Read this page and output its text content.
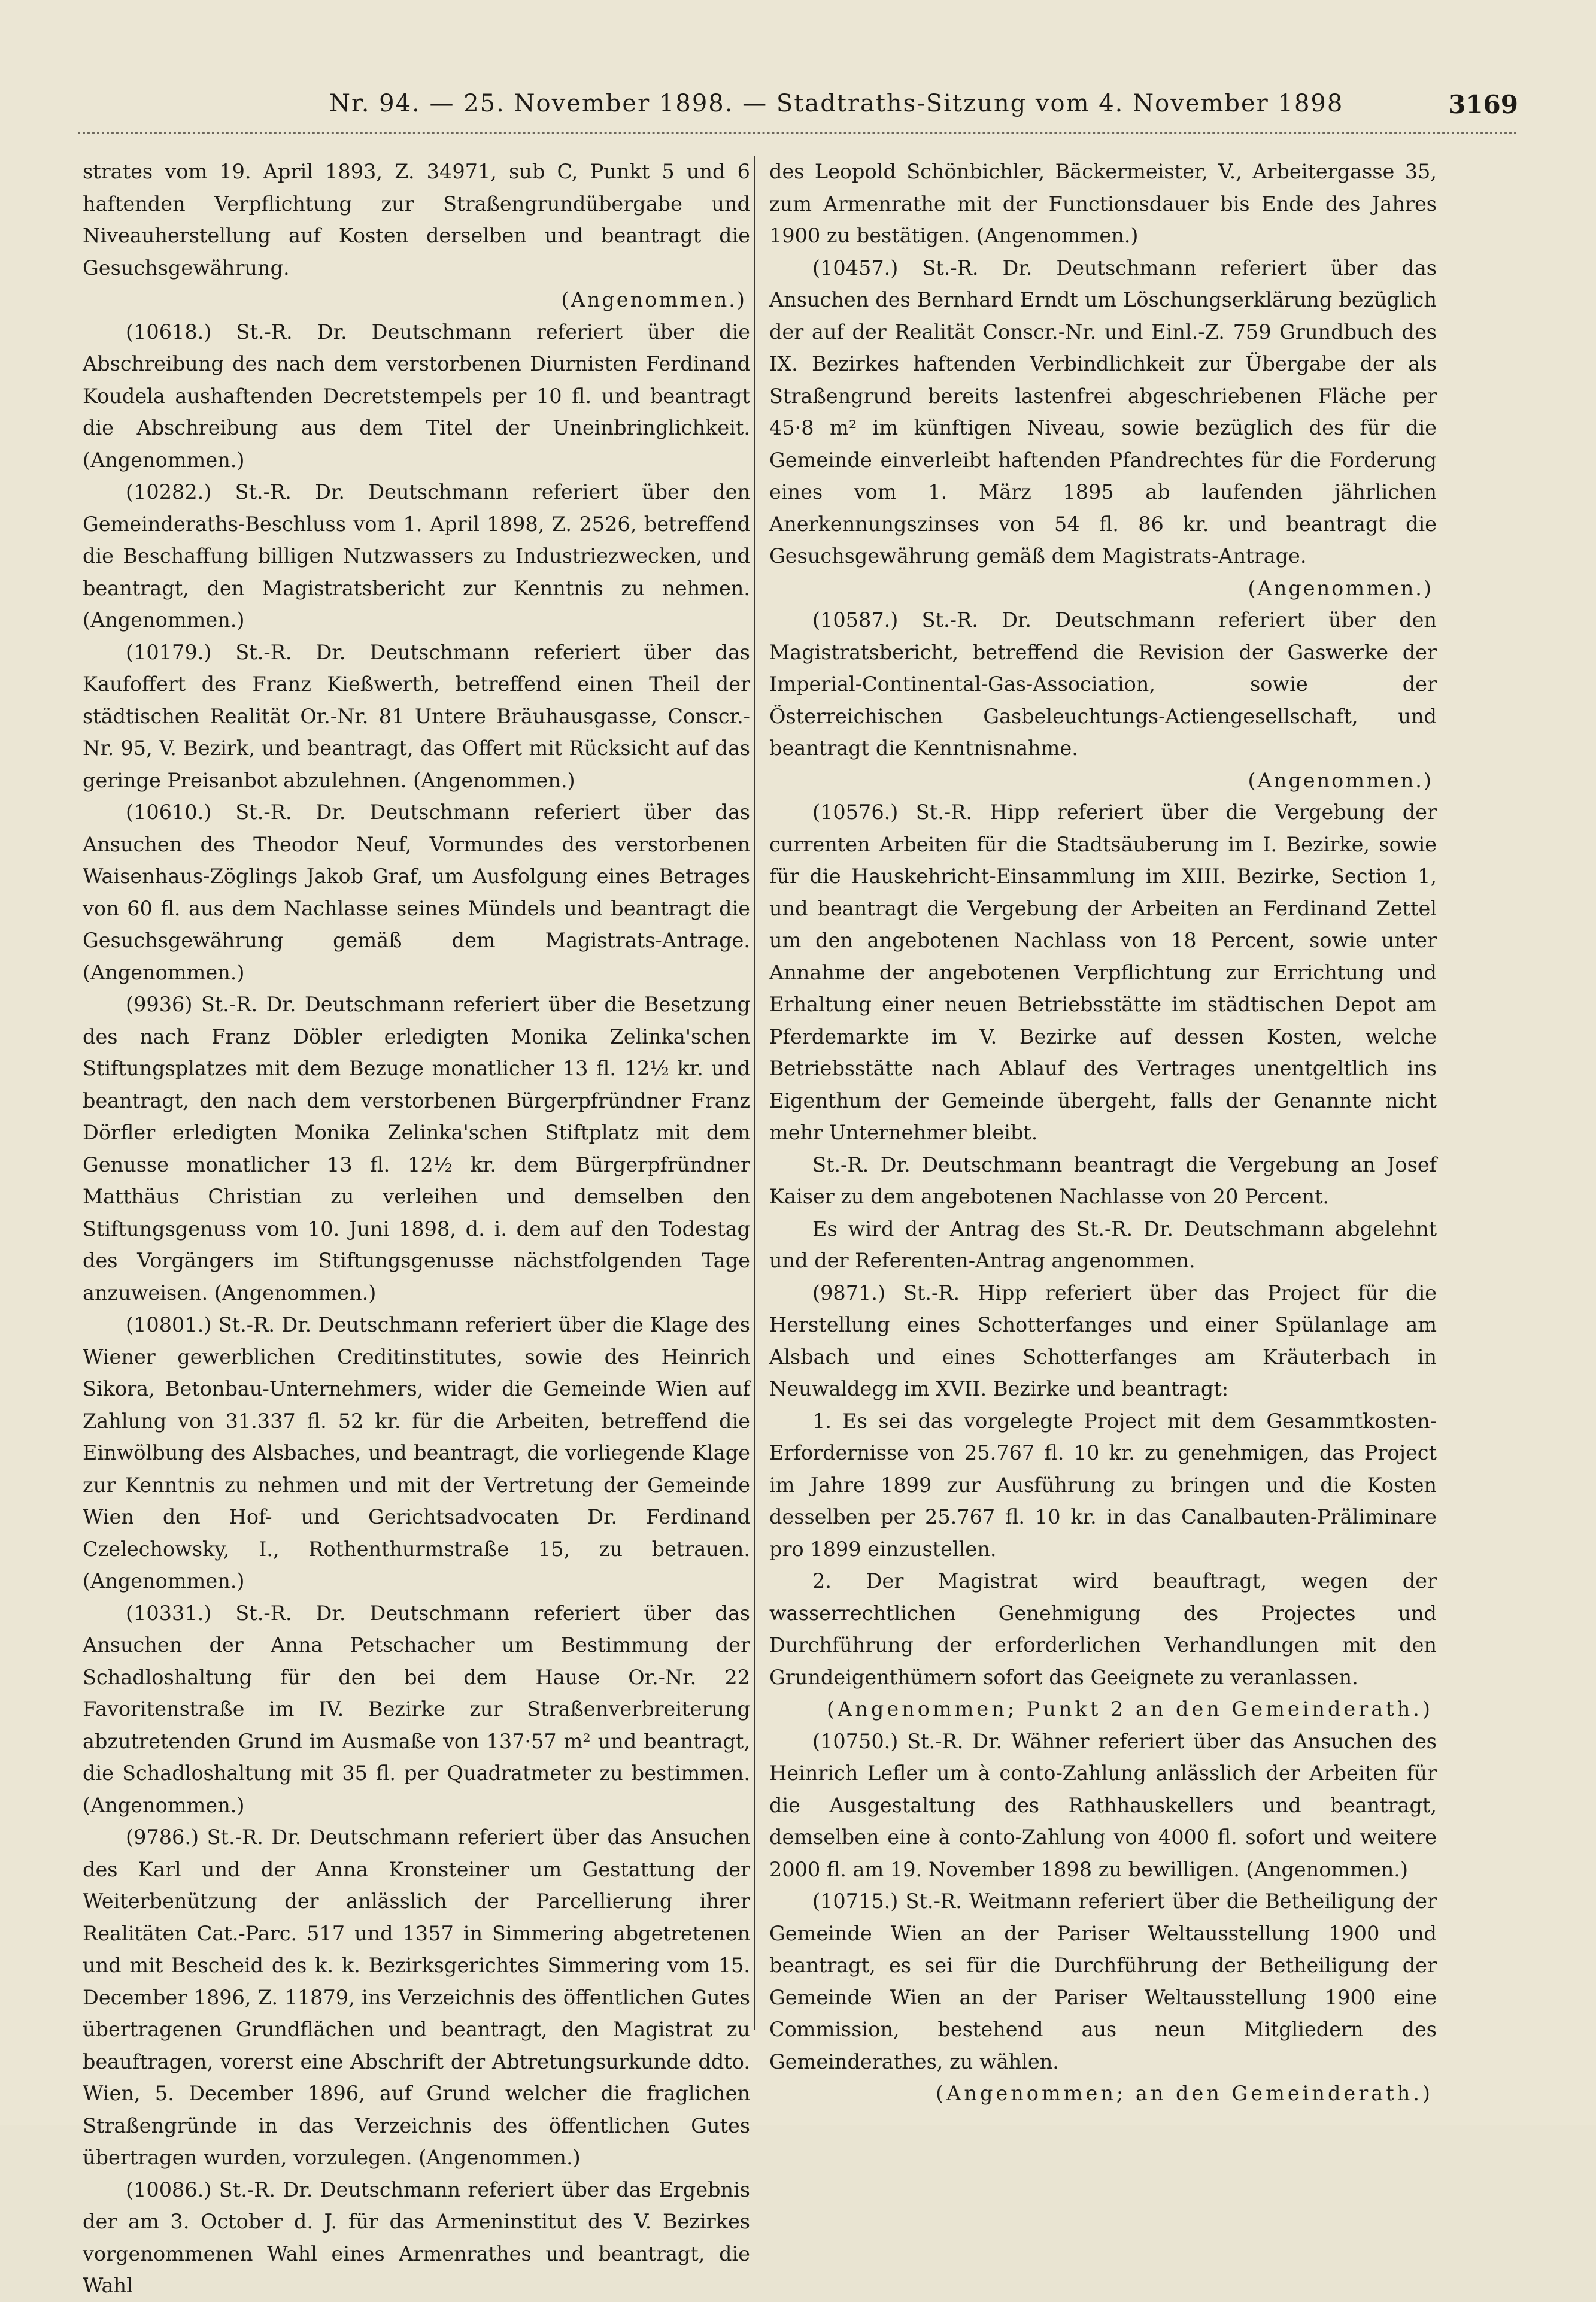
Nr. 94. — 25. November 1898. — Stadtraths-Sitzung vom 4. November 1898	3169

strates vom 19. April 1893, Z. 34971, sub C, Punkt 5 und 6 haftenden Verpflichtung zur Straßengrundübergabe und Niveauherstellung auf Kosten derselben und beantragt die Gesuchsgewährung.

(Angenommen.)

(10618.) St.-R. Dr. Deutschmann referiert über die Abschreibung des nach dem verstorbenen Diurnisten Ferdinand Koudela aushaftenden Decretstempels per 10 fl. und beantragt die Abschreibung aus dem Titel der Uneinbringlichkeit. (Angenommen.)

(10282.) St.-R. Dr. Deutschmann referiert über den Gemeinderaths-Beschluss vom 1. April 1898, Z. 2526, betreffend die Beschaffung billigen Nutzwassers zu Industriezwecken, und beantragt, den Magistratsbericht zur Kenntnis zu nehmen. (Angenommen.)

(10179.) St.-R. Dr. Deutschmann referiert über das Kaufoffert des Franz Kießwerth, betreffend einen Theil der städtischen Realität Or.-Nr. 81 Untere Bräuhausgasse, Conscr.-Nr. 95, V. Bezirk, und beantragt, das Offert mit Rücksicht auf das geringe Preisanbot abzulehnen. (Angenommen.)

(10610.) St.-R. Dr. Deutschmann referiert über das Ansuchen des Theodor Neuf, Vormundes des verstorbenen Waisenhaus-Zöglings Jakob Graf, um Ausfolgung eines Betrages von 60 fl. aus dem Nachlasse seines Mündels und beantragt die Gesuchsgewährung gemäß dem Magistrats-Antrage. (Angenommen.)

(9936) St.-R. Dr. Deutschmann referiert über die Besetzung des nach Franz Döbler erledigten Monika Zelinka'schen Stiftungsplatzes mit dem Bezuge monatlicher 13 fl. 12½ kr. und beantragt, den nach dem verstorbenen Bürgerpfründner Franz Dörfler erledigten Monika Zelinka'schen Stiftplatz mit dem Genusse monatlicher 13 fl. 12½ kr. dem Bürgerpfründner Matthäus Christian zu verleihen und demselben den Stiftungsgenuss vom 10. Juni 1898, d. i. dem auf den Todestag des Vorgängers im Stiftungsgenusse nächstfolgenden Tage anzuweisen. (Angenommen.)

(10801.) St.-R. Dr. Deutschmann referiert über die Klage des Wiener gewerblichen Creditinstitutes, sowie des Heinrich Sikora, Betonbau-Unternehmers, wider die Gemeinde Wien auf Zahlung von 31.337 fl. 52 kr. für die Arbeiten, betreffend die Einwölbung des Alsbaches, und beantragt, die vorliegende Klage zur Kenntnis zu nehmen und mit der Vertretung der Gemeinde Wien den Hof- und Gerichtsadvocaten Dr. Ferdinand Czelechowsky, I., Rothenthurmstraße 15, zu betrauen. (Angenommen.)

(10331.) St.-R. Dr. Deutschmann referiert über das Ansuchen der Anna Petschacher um Bestimmung der Schadloshaltung für den bei dem Hause Or.-Nr. 22 Favoritenstraße im IV. Bezirke zur Straßenverbreiterung abzutretenden Grund im Ausmaße von 137·57 m² und beantragt, die Schadloshaltung mit 35 fl. per Quadratmeter zu bestimmen. (Angenommen.)

(9786.) St.-R. Dr. Deutschmann referiert über das Ansuchen des Karl und der Anna Kronsteiner um Gestattung der Weiterbenützung der anlässlich der Parcellierung ihrer Realitäten Cat.-Parc. 517 und 1357 in Simmering abgetretenen und mit Bescheid des k. k. Bezirksgerichtes Simmering vom 15. December 1896, Z. 11879, ins Verzeichnis des öffentlichen Gutes übertragenen Grundflächen und beantragt, den Magistrat zu beauftragen, vorerst eine Abschrift der Abtretungsurkunde ddto. Wien, 5. December 1896, auf Grund welcher die fraglichen Straßengründe in das Verzeichnis des öffentlichen Gutes übertragen wurden, vorzulegen. (Angenommen.)

(10086.) St.-R. Dr. Deutschmann referiert über das Ergebnis der am 3. October d. J. für das Armeninstitut des V. Bezirkes vorgenommenen Wahl eines Armenrathes und beantragt, die Wahl

des Leopold Schönbichler, Bäckermeister, V., Arbeitergasse 35, zum Armenrathe mit der Functionsdauer bis Ende des Jahres 1900 zu bestätigen. (Angenommen.)

(10457.) St.-R. Dr. Deutschmann referiert über das Ansuchen des Bernhard Erndt um Löschungserklärung bezüglich der auf der Realität Conscr.-Nr. und Einl.-Z. 759 Grundbuch des IX. Bezirkes haftenden Verbindlichkeit zur Übergabe der als Straßengrund bereits lastenfrei abgeschriebenen Fläche per 45·8 m² im künftigen Niveau, sowie bezüglich des für die Gemeinde einverleibt haftenden Pfandrechtes für die Forderung eines vom 1. März 1895 ab laufenden jährlichen Anerkennungszinses von 54 fl. 86 kr. und beantragt die Gesuchsgewährung gemäß dem Magistrats-Antrage.

(Angenommen.)

(10587.) St.-R. Dr. Deutschmann referiert über den Magistratsbericht, betreffend die Revision der Gaswerke der Imperial-Continental-Gas-Association, sowie der Österreichischen Gasbeleuchtungs-Actiengesellschaft, und beantragt die Kenntnisnahme.

(Angenommen.)

(10576.) St.-R. Hipp referiert über die Vergebung der currenten Arbeiten für die Stadtsäuberung im I. Bezirke, sowie für die Hauskehricht-Einsammlung im XIII. Bezirke, Section 1, und beantragt die Vergebung der Arbeiten an Ferdinand Zettel um den angebotenen Nachlass von 18 Percent, sowie unter Annahme der angebotenen Verpflichtung zur Errichtung und Erhaltung einer neuen Betriebsstätte im städtischen Depot am Pferdemarkte im V. Bezirke auf dessen Kosten, welche Betriebsstätte nach Ablauf des Vertrages unentgeltlich ins Eigenthum der Gemeinde übergeht, falls der Genannte nicht mehr Unternehmer bleibt.

St.-R. Dr. Deutschmann beantragt die Vergebung an Josef Kaiser zu dem angebotenen Nachlasse von 20 Percent.

Es wird der Antrag des St.-R. Dr. Deutschmann abgelehnt und der Referenten-Antrag angenommen.

(9871.) St.-R. Hipp referiert über das Project für die Herstellung eines Schotterfanges und einer Spülanlage am Alsbach und eines Schotterfanges am Kräuterbach in Neuwaldegg im XVII. Bezirke und beantragt:

1. Es sei das vorgelegte Project mit dem Gesammtkosten-Erfordernisse von 25.767 fl. 10 kr. zu genehmigen, das Project im Jahre 1899 zur Ausführung zu bringen und die Kosten desselben per 25.767 fl. 10 kr. in das Canalbauten-Präliminare pro 1899 einzustellen.

2. Der Magistrat wird beauftragt, wegen der wasserrechtlichen Genehmigung des Projectes und Durchführung der erforderlichen Verhandlungen mit den Grundeigenthümern sofort das Geeignete zu veranlassen.

(Angenommen; Punkt 2 an den Gemeinderath.)

(10750.) St.-R. Dr. Wähner referiert über das Ansuchen des Heinrich Lefler um à conto-Zahlung anlässlich der Arbeiten für die Ausgestaltung des Rathhauskellers und beantragt, demselben eine à conto-Zahlung von 4000 fl. sofort und weitere 2000 fl. am 19. November 1898 zu bewilligen. (Angenommen.)

(10715.) St.-R. Weitmann referiert über die Betheiligung der Gemeinde Wien an der Pariser Weltausstellung 1900 und beantragt, es sei für die Durchführung der Betheiligung der Gemeinde Wien an der Pariser Weltausstellung 1900 eine Commission, bestehend aus neun Mitgliedern des Gemeinderathes, zu wählen.

(Angenommen; an den Gemeinderath.)
